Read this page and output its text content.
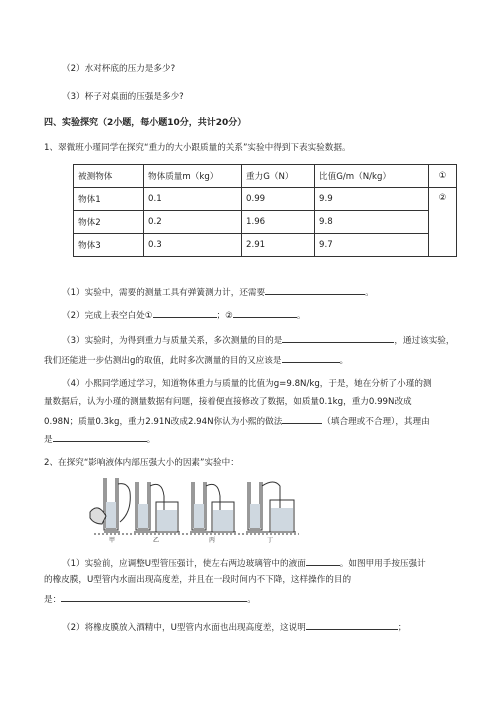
（2）水对杯底的压力是多少?
（3）杯子对桌面的压强是多少?
四、实验探究（2小题，每小题10分，共计20分）
1、翠微班小瑾同学在探究“重力的大小跟质量的关系”实验中得到下表实验数据。
被测物体	物体质量m（kg）	重力G（N）	比值G/m（N/kg）	①
物体1	0.1	0.99	9.9	②
物体2	0.2	1.96	9.8	
物体3	0.3	2.91	9.7	
（1）实验中，需要的测量工具有弹簧测力计，还需要	。
（2）完成上表空白处①	；②	。
（3）实验时，为得到重力与质量关系，多次测量的目的是	，通过该实验，
我们还能进一步估测出g的取值，此时多次测量的目的又应该是	。
（4）小熙同学通过学习，知道物体重力与质量的比值为g=9.8N/kg，于是，她在分析了小瑾的测
量数据后，认为小瑾的测量数据有问题，接着便直接修改了数据，如质量0.1kg，重力0.99N改成
0.98N；质量0.3kg，重力2.91N改成2.94N你认为小熙的做法	（填合理或不合理），其理由
是	。
2、在探究“影响液体内部压强大小的因素”实验中：
甲	乙	丙	丁
（1）实验前，应调整U型管压强计，使左右两边玻璃管中的液面	。如图甲用手按压强计
的橡皮膜，U型管内水面出现高度差，并且在一段时间内不下降，这样操作的目的
是：	。
（2）将橡皮膜放入酒精中，U型管内水面也出现高度差，这说明	；
